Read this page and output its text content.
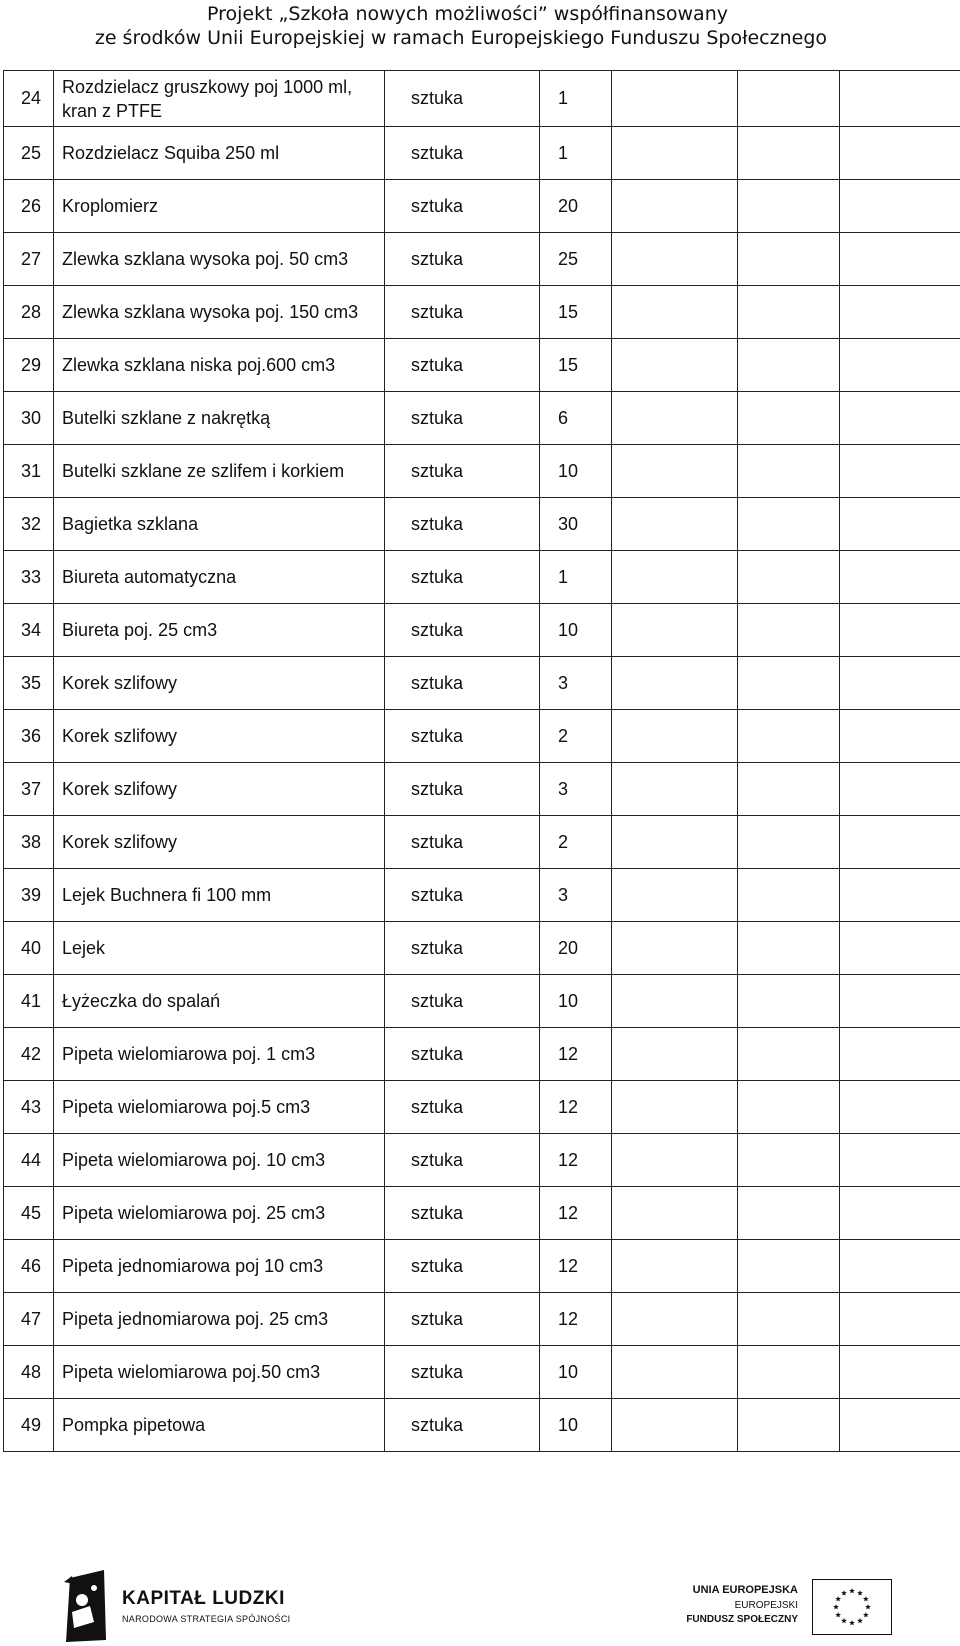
Projekt „Szkoła nowych możliwości” współfinansowany
ze środków Unii Europejskiej w ramach Europejskiego Funduszu Społecznego
24	Rozdzielacz gruszkowy poj 1000 ml,
kran z PTFE	sztuka	1			
25	Rozdzielacz Squiba 250 ml	sztuka	1			
26	Kroplomierz	sztuka	20			
27	Zlewka szklana wysoka poj. 50 cm3	sztuka	25			
28	Zlewka szklana wysoka poj. 150 cm3	sztuka	15			
29	Zlewka szklana niska poj.600 cm3	sztuka	15			
30	Butelki szklane z nakrętką	sztuka	6			
31	Butelki szklane ze szlifem i korkiem	sztuka	10			
32	Bagietka szklana	sztuka	30			
33	Biureta automatyczna	sztuka	1			
34	Biureta poj. 25 cm3	sztuka	10			
35	Korek szlifowy	sztuka	3			
36	Korek szlifowy	sztuka	2			
37	Korek szlifowy	sztuka	3			
38	Korek szlifowy	sztuka	2			
39	Lejek Buchnera fi 100 mm	sztuka	3			
40	Lejek	sztuka	20			
41	Łyżeczka do spalań	sztuka	10			
42	Pipeta wielomiarowa poj. 1 cm3	sztuka	12			
43	Pipeta wielomiarowa poj.5 cm3	sztuka	12			
44	Pipeta wielomiarowa poj. 10 cm3	sztuka	12			
45	Pipeta wielomiarowa poj. 25 cm3	sztuka	12			
46	Pipeta jednomiarowa poj 10 cm3	sztuka	12			
47	Pipeta jednomiarowa poj. 25 cm3	sztuka	12			
48	Pipeta wielomiarowa poj.50 cm3	sztuka	10			
49	Pompka pipetowa	sztuka	10			
KAPITAŁ LUDZKI
NARODOWA STRATEGIA SPÓJNOŚCI
UNIA EUROPEJSKA
EUROPEJSKI
FUNDUSZ SPOŁECZNY
